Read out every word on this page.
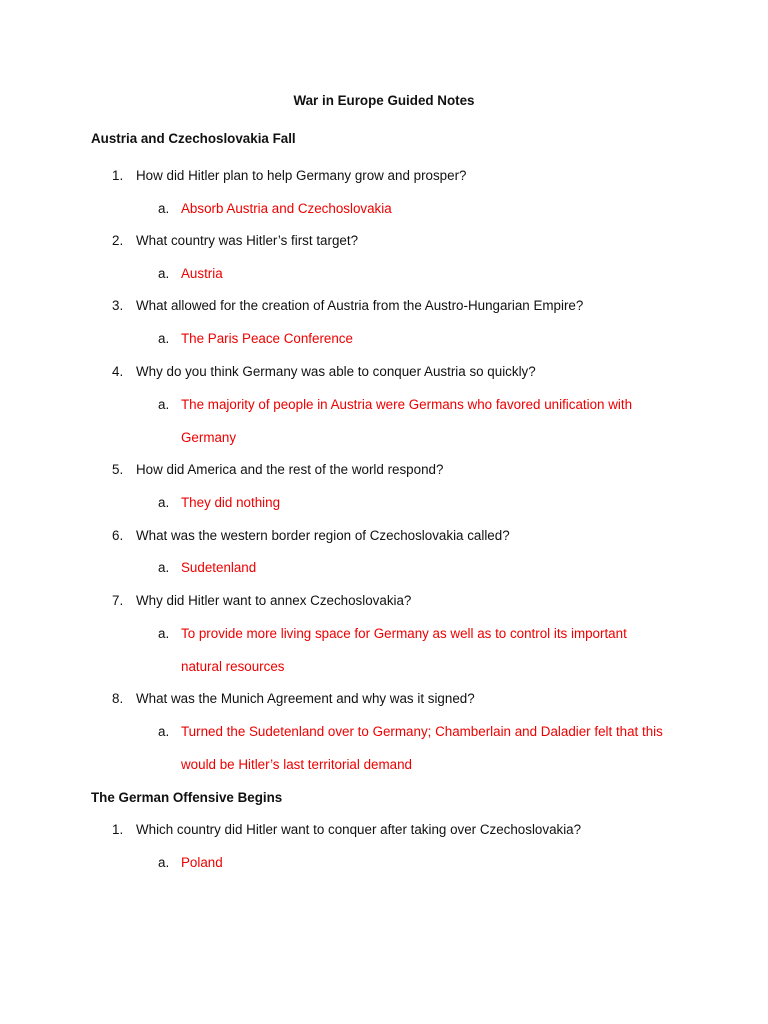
War in Europe Guided Notes
Austria and Czechoslovakia Fall
1. How did Hitler plan to help Germany grow and prosper?
a. Absorb Austria and Czechoslovakia
2. What country was Hitler’s first target?
a. Austria
3. What allowed for the creation of Austria from the Austro-Hungarian Empire?
a. The Paris Peace Conference
4. Why do you think Germany was able to conquer Austria so quickly?
a. The majority of people in Austria were Germans who favored unification with Germany
5. How did America and the rest of the world respond?
a. They did nothing
6. What was the western border region of Czechoslovakia called?
a. Sudetenland
7. Why did Hitler want to annex Czechoslovakia?
a. To provide more living space for Germany as well as to control its important natural resources
8. What was the Munich Agreement and why was it signed?
a. Turned the Sudetenland over to Germany; Chamberlain and Daladier felt that this would be Hitler’s last territorial demand
The German Offensive Begins
1. Which country did Hitler want to conquer after taking over Czechoslovakia?
a. Poland
